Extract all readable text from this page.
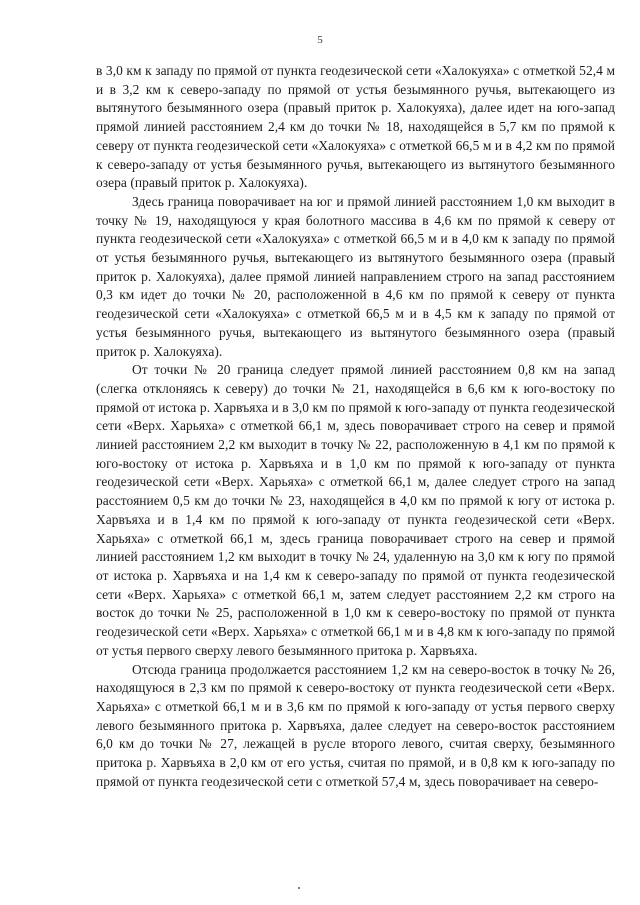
5

в 3,0 км к западу по прямой от пункта геодезической сети «Халокуяха» с отметкой 52,4 м и в 3,2 км к северо-западу по прямой от устья безымянного ручья, вытекающего из вытянутого безымянного озера (правый приток р. Халокуяха), далее идет на юго-запад прямой линией расстоянием 2,4 км до точки № 18, находящейся в 5,7 км по прямой к северу от пункта геодезической сети «Халокуяха» с отметкой 66,5 м и в 4,2 км по прямой к северо-западу от устья безымянного ручья, вытекающего из вытянутого безымянного озера (правый приток р. Халокуяха).

Здесь граница поворачивает на юг и прямой линией расстоянием 1,0 км выходит в точку № 19, находящуюся у края болотного массива в 4,6 км по прямой к северу от пункта геодезической сети «Халокуяха» с отметкой 66,5 м и в 4,0 км к западу по прямой от устья безымянного ручья, вытекающего из вытянутого безымянного озера (правый приток р. Халокуяха), далее прямой линией направлением строго на запад расстоянием 0,3 км идет до точки № 20, расположенной в 4,6 км по прямой к северу от пункта геодезической сети «Халокуяха» с отметкой 66,5 м и в 4,5 км к западу по прямой от устья безымянного ручья, вытекающего из вытянутого безымянного озера (правый приток р. Халокуяха).

От точки № 20 граница следует прямой линией расстоянием 0,8 км на запад (слегка отклоняясь к северу) до точки № 21, находящейся в 6,6 км к юго-востоку по прямой от истока р. Харвъяха и в 3,0 км по прямой к юго-западу от пункта геодезической сети «Верх. Харьяха» с отметкой 66,1 м, здесь поворачивает строго на север и прямой линией расстоянием 2,2 км выходит в точку № 22, расположенную в 4,1 км по прямой к юго-востоку от истока р. Харвъяха и в 1,0 км по прямой к юго-западу от пункта геодезической сети «Верх. Харьяха» с отметкой 66,1 м, далее следует строго на запад расстоянием 0,5 км до точки № 23, находящейся в 4,0 км по прямой к югу от истока р. Харвъяха и в 1,4 км по прямой к юго-западу от пункта геодезической сети «Верх. Харьяха» с отметкой 66,1 м, здесь граница поворачивает строго на север и прямой линией расстоянием 1,2 км выходит в точку № 24, удаленную на 3,0 км к югу по прямой от истока р. Харвъяха и на 1,4 км к северо-западу по прямой от пункта геодезической сети «Верх. Харьяха» с отметкой 66,1 м, затем следует расстоянием 2,2 км строго на восток до точки № 25, расположенной в 1,0 км к северо-востоку по прямой от пункта геодезической сети «Верх. Харьяха» с отметкой 66,1 м и в 4,8 км к юго-западу по прямой от устья первого сверху левого безымянного притока р. Харвъяха.

Отсюда граница продолжается расстоянием 1,2 км на северо-восток в точку № 26, находящуюся в 2,3 км по прямой к северо-востоку от пункта геодезической сети «Верх. Харьяха» с отметкой 66,1 м и в 3,6 км по прямой к юго-западу от устья первого сверху левого безымянного притока р. Харвъяха, далее следует на северо-восток расстоянием 6,0 км до точки № 27, лежащей в русле второго левого, считая сверху, безымянного притока р. Харвъяха в 2,0 км от его устья, считая по прямой, и в 0,8 км к юго-западу по прямой от пункта геодезической сети с отметкой 57,4 м, здесь поворачивает на северо-
